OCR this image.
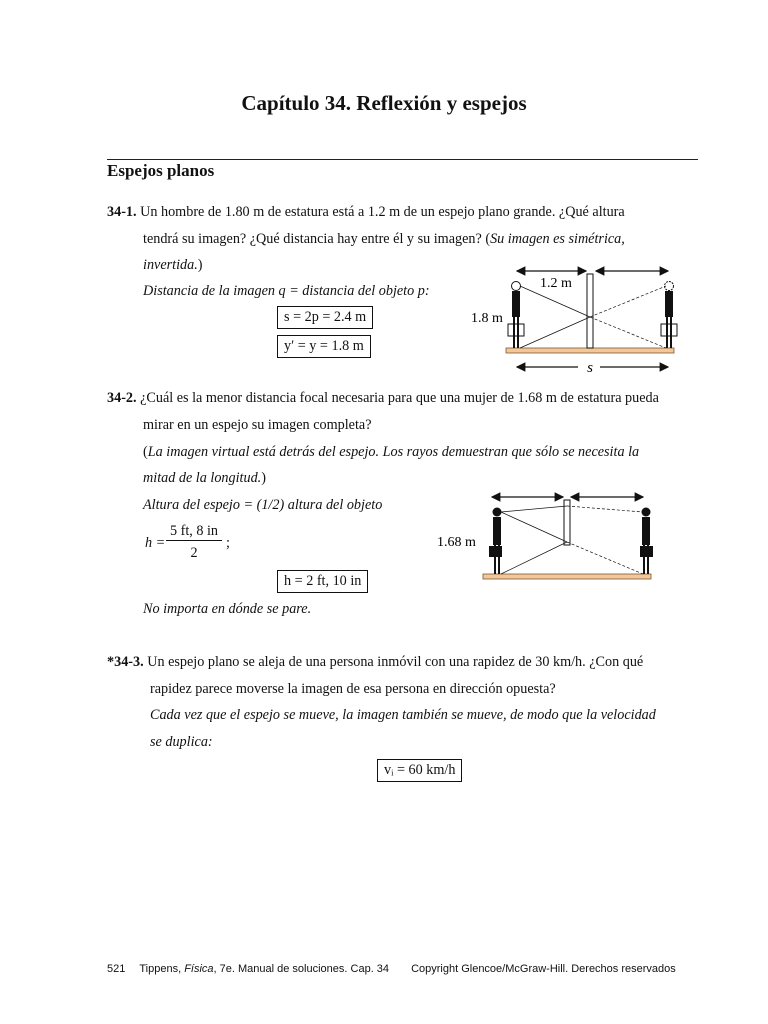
Capítulo 34. Reflexión y espejos
Espejos planos
34-1. Un hombre de 1.80 m de estatura está a 1.2 m de un espejo plano grande. ¿Qué altura
tendrá su imagen? ¿Qué distancia hay entre él y su imagen? (Su imagen es simétrica,
invertida.)
Distancia de la imagen q = distancia del objeto p:
s = 2p = 2.4 m
y′ = y = 1.8 m
s
1.2 m
1.8 m
34-2. ¿Cuál es la menor distancia focal necesaria para que una mujer de 1.68 m de estatura pueda
mirar en un espejo su imagen completa?
(La imagen virtual está detrás del espejo. Los rayos demuestran que sólo se necesita la
mitad de la longitud.)
Altura del espejo = (1/2) altura del objeto
h =
5 ft, 8 in
2
;
h = 2 ft, 10 in
No importa en dónde se pare.
1.68 m
*34-3. Un espejo plano se aleja de una persona inmóvil con una rapidez de 30 km/h. ¿Con qué
rapidez parece moverse la imagen de esa persona en dirección opuesta?
Cada vez que el espejo se mueve, la imagen también se mueve, de modo que la velocidad
se duplica:
vᵢ = 60 km/h
521 Tippens, Física, 7e. Manual de soluciones. Cap. 34 Copyright Glencoe/McGraw-Hill. Derechos reservados
